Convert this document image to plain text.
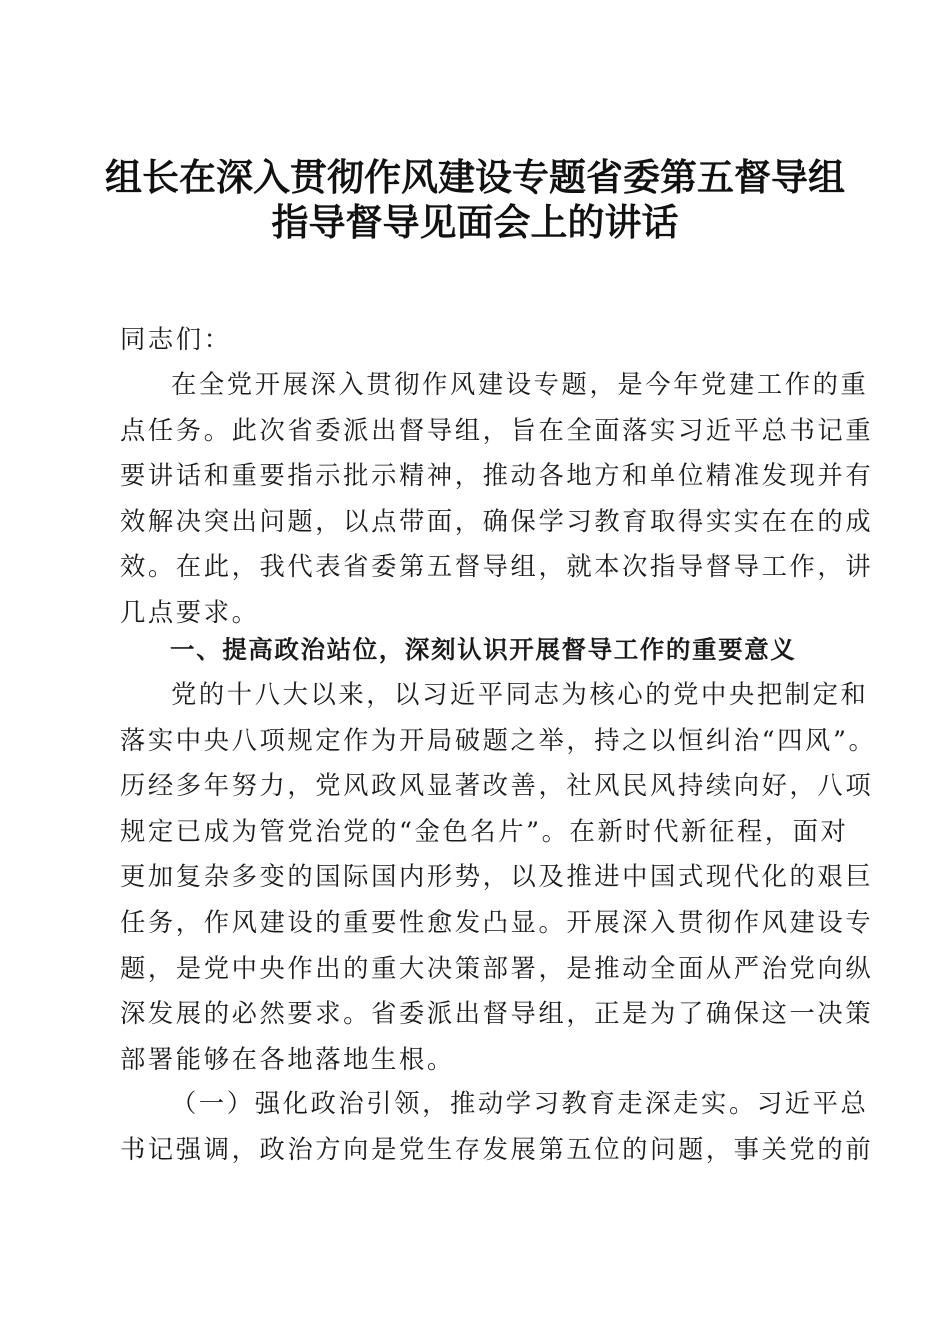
组长在深入贯彻作风建设专题省委第五督导组
指导督导见面会上的讲话
同志们：
在全党开展深入贯彻作风建设专题，是今年党建工作的重
点任务。此次省委派出督导组，旨在全面落实习近平总书记重
要讲话和重要指示批示精神，推动各地方和单位精准发现并有
效解决突出问题，以点带面，确保学习教育取得实实在在的成
效。在此，我代表省委第五督导组，就本次指导督导工作，讲
几点要求。
一、提高政治站位，深刻认识开展督导工作的重要意义
党的十八大以来，以习近平同志为核心的党中央把制定和
落实中央八项规定作为开局破题之举，持之以恒纠治“四风”。
历经多年努力，党风政风显著改善，社风民风持续向好，八项
规定已成为管党治党的“金色名片”。在新时代新征程，面对
更加复杂多变的国际国内形势，以及推进中国式现代化的艰巨
任务，作风建设的重要性愈发凸显。开展深入贯彻作风建设专
题，是党中央作出的重大决策部署，是推动全面从严治党向纵
深发展的必然要求。省委派出督导组，正是为了确保这一决策
部署能够在各地落地生根。
（一）强化政治引领，推动学习教育走深走实。习近平总
书记强调，政治方向是党生存发展第五位的问题，事关党的前
